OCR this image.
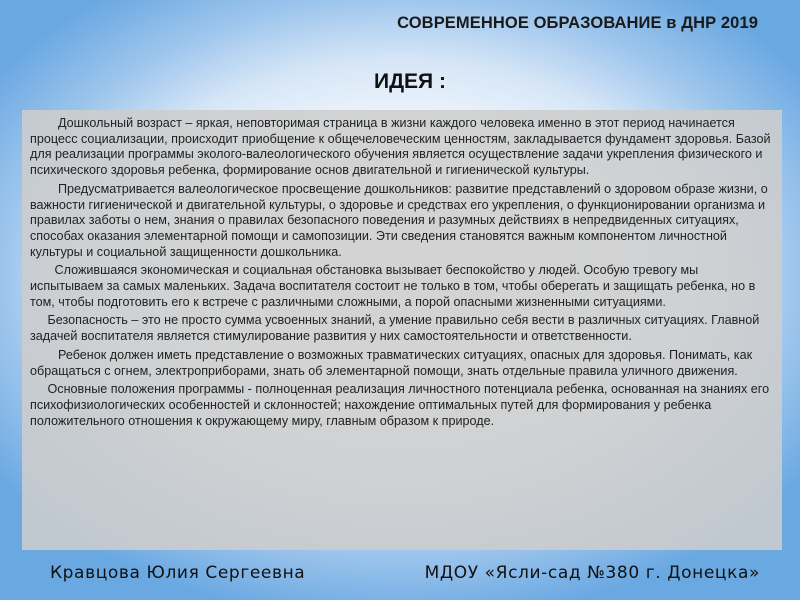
СОВРЕМЕННОЕ ОБРАЗОВАНИЕ в ДНР 2019
ИДЕЯ :

Дошкольный возраст – яркая, неповторимая страница в жизни каждого человека именно в этот период начинается процесс социализации, происходит приобщение к общечеловеческим ценностям, закладывается фундамент здоровья. Базой для реализации программы эколого-валеологического обучения является осуществление задачи укрепления физического и психического здоровья ребенка, формирование основ двигательной и гигиенической культуры.

Предусматривается валеологическое просвещение дошкольников: развитие представлений о здоровом образе жизни, о важности гигиенической и двигательной культуры, о здоровье и средствах его укрепления, о функционировании организма и правилах заботы о нем, знания о правилах безопасного поведения и разумных действиях в непредвиденных ситуациях, способах оказания элементарной помощи и самопозиции. Эти сведения становятся важным компонентом личностной культуры и социальной защищенности дошкольника.

Сложившаяся экономическая и социальная обстановка вызывает беспокойство у людей. Особую тревогу мы испытываем за самых маленьких. Задача воспитателя состоит не только в том, чтобы оберегать и защищать ребенка, но в том, чтобы подготовить его к встрече с различными сложными, а порой опасными жизненными ситуациями.

Безопасность – это не просто сумма усвоенных знаний, а умение правильно себя вести в различных ситуациях. Главной задачей воспитателя является стимулирование развития у них самостоятельности и ответственности.

Ребенок должен иметь представление о возможных травматических ситуациях, опасных для здоровья. Понимать, как обращаться с огнем, электроприборами, знать об элементарной помощи, знать отдельные правила уличного движения.

Основные положения программы - полноценная реализация личностного потенциала ребенка, основанная на знаниях его психофизиологических особенностей и склонностей; нахождение оптимальных путей для формирования у ребенка положительного отношения к окружающему миру, главным образом к природе.

Кравцова Юлия Сергеевна	МДОУ «Ясли-сад №380 г. Донецка»
